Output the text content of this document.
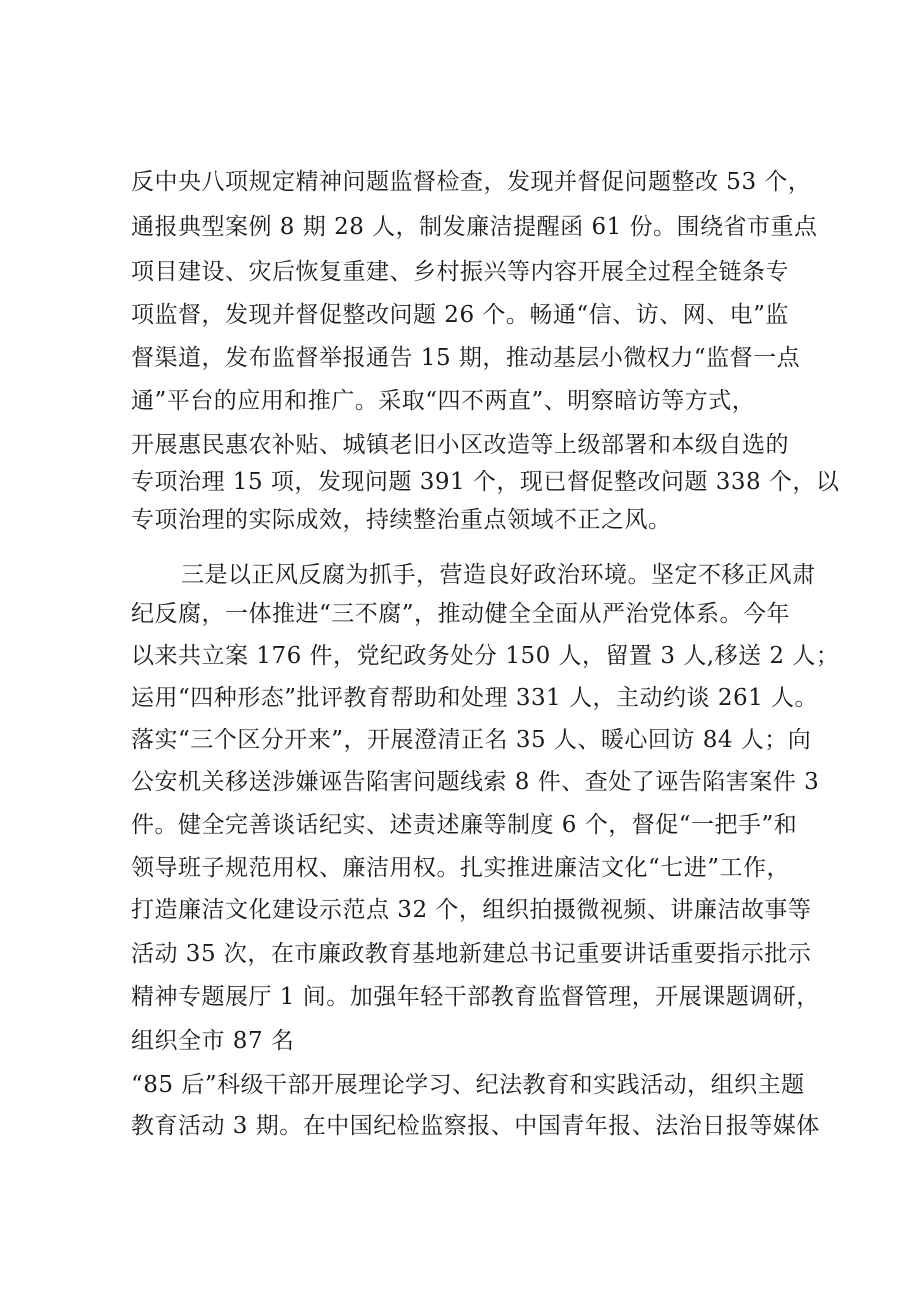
反中央八项规定精神问题监督检查，发现并督促问题整改 53 个，

通报典型案例 8 期 28 人，制发廉洁提醒函 61 份。围绕省市重点

项目建设、灾后恢复重建、乡村振兴等内容开展全过程全链条专

项监督，发现并督促整改问题 26 个。畅通“信、访、网、电”监

督渠道，发布监督举报通告 15 期，推动基层小微权力“监督一点

通”平台的应用和推广。采取“四不两直”、明察暗访等方式，

开展惠民惠农补贴、城镇老旧小区改造等上级部署和本级自选的

专项治理 15 项，发现问题 391 个，现已督促整改问题 338 个，以

专项治理的实际成效，持续整治重点领域不正之风。

三是以正风反腐为抓手，营造良好政治环境。坚定不移正风肃

纪反腐，一体推进“三不腐”，推动健全全面从严治党体系。今年

以来共立案 176 件，党纪政务处分 150 人，留置 3 人,移送 2 人；

运用“四种形态”批评教育帮助和处理 331 人，主动约谈 261 人。

落实“三个区分开来”，开展澄清正名 35 人、暖心回访 84 人；向

公安机关移送涉嫌诬告陷害问题线索 8 件、查处了诬告陷害案件 3

件。健全完善谈话纪实、述责述廉等制度 6 个，督促“一把手”和

领导班子规范用权、廉洁用权。扎实推进廉洁文化“七进”工作，

打造廉洁文化建设示范点 32 个，组织拍摄微视频、讲廉洁故事等

活动 35 次，在市廉政教育基地新建总书记重要讲话重要指示批示

精神专题展厅 1 间。加强年轻干部教育监督管理，开展课题调研，

组织全市 87 名

“85 后”科级干部开展理论学习、纪法教育和实践活动，组织主题

教育活动 3 期。在中国纪检监察报、中国青年报、法治日报等媒体
